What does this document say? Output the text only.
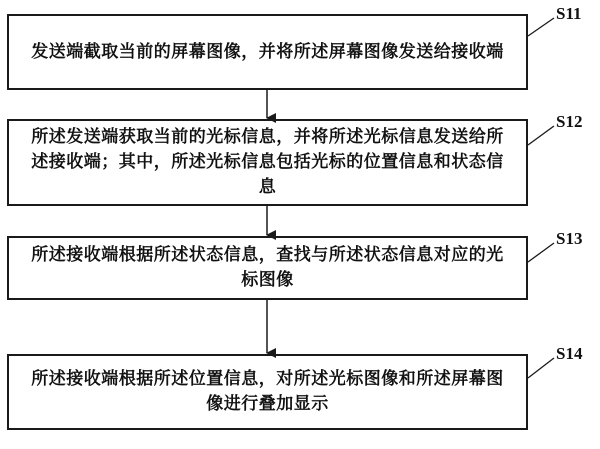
发送端截取当前的屏幕图像，并将所述屏幕图像发送给接收端
S11
所述发送端获取当前的光标信息，并将所述光标信息发送给所述接收端；其中，所述光标信息包括光标的位置信息和状态信息
S12
所述接收端根据所述状态信息，查找与所述状态信息对应的光标图像
S13
所述接收端根据所述位置信息，对所述光标图像和所述屏幕图像进行叠加显示
S14
